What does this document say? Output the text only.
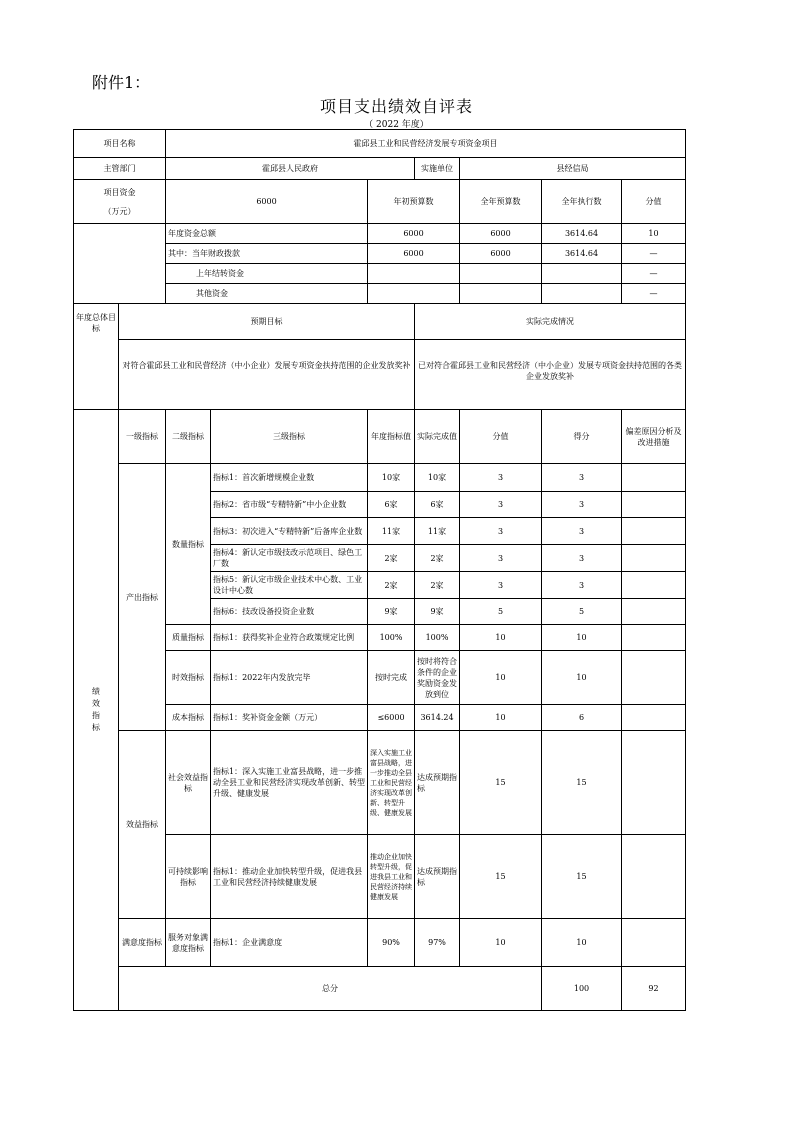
附件1：
项目支出绩效自评表
（ 2022 年度）
项目名称		霍邱县工业和民营经济发展专项资金项目							
主管部门		霍邱县人民政府			实施单位	县经信局			

项目资金
（万元）		6000		年初预算数		全年预算数	全年执行数	分值	
		年度资金总额		6000		6000	3614.64	10	
		其中：当年财政拨款		6000		6000	3614.64	—	
		上年结转资金						—	
		其他资金						—	
年度总体目标	预期目标				实际完成情况				
	对符合霍邱县工业和民营经济（中小企业）发展专项资金扶持范围的企业发放奖补				已对符合霍邱县工业和民营经济（中小企业）发展专项资金扶持范围的各类企业发放奖补				
绩效指标	一级指标	二级指标	三级指标	年度指标值	实际完成值	分值	得分	偏差原因分析及改进措施	
	产出指标	数量指标	指标1：首次新增规模企业数	10家	10家	3	3		
			指标2：省市级“专精特新”中小企业数	6家	6家	3	3		
			指标3：初次进入“专精特新”后备库企业数	11家	11家	3	3		
			指标4：新认定市级技改示范项目、绿色工厂数	2家	2家	3	3		
			指标5：新认定市级企业技术中心数、工业设计中心数	2家	2家	3	3		
			指标6：技改设备投资企业数	9家	9家	5	5		
		质量指标	指标1：获得奖补企业符合政策规定比例	100%	100%	10	10		
		时效指标	指标1：2022年内发放完毕	按时完成	按时将符合条件的企业奖励资金发放到位	10	10		
		成本指标	指标1：奖补资金金额（万元）	≤6000	3614.24	10	6		
	效益指标	社会效益指标	指标1：深入实施工业富县战略，进一步推动全县工业和民营经济实现改革创新、转型升级、健康发展	深入实施工业富县战略，进一步推动全县工业和民营经济实现改革创新、转型升级、健康发展	达成预期指标	15	15		
		可持续影响指标	指标1：推动企业加快转型升级，促进我县工业和民营经济持续健康发展	推动企业加快转型升级，促进我县工业和民营经济持续健康发展	达成预期指标	15	15		
	满意度指标	服务对象满意度指标	指标1：企业满意度	90%	97%	10	10		
	总分						100	92	
